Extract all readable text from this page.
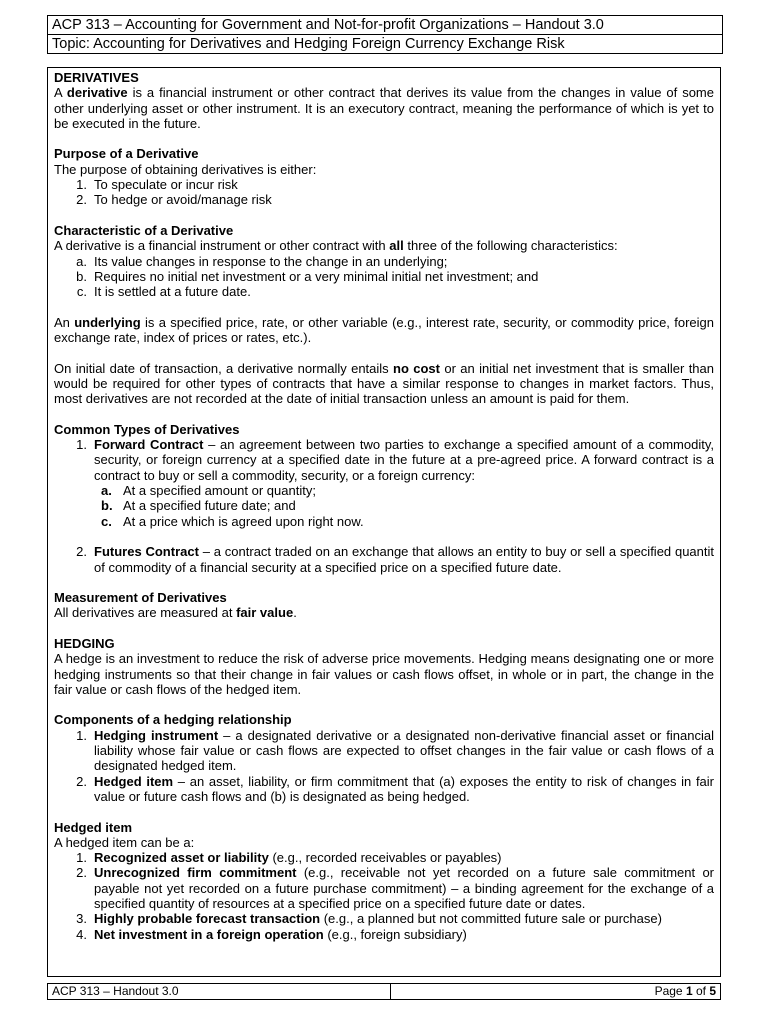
ACP 313 – Accounting for Government and Not-for-profit Organizations – Handout 3.0
Topic: Accounting for Derivatives and Hedging Foreign Currency Exchange Risk

DERIVATIVES

A derivative is a financial instrument or other contract that derives its value from the changes in value of some other underlying asset or other instrument. It is an executory contract, meaning the performance of which is yet to be executed in the future.

Purpose of a Derivative

The purpose of obtaining derivatives is either:

1. To speculate or incur risk
2. To hedge or avoid/manage risk

Characteristic of a Derivative

A derivative is a financial instrument or other contract with all three of the following characteristics:

a. Its value changes in response to the change in an underlying;
b. Requires no initial net investment or a very minimal initial net investment; and
c. It is settled at a future date.

An underlying is a specified price, rate, or other variable (e.g., interest rate, security, or commodity price, foreign exchange rate, index of prices or rates, etc.).

On initial date of transaction, a derivative normally entails no cost or an initial net investment that is smaller than would be required for other types of contracts that have a similar response to changes in market factors. Thus, most derivatives are not recorded at the date of initial transaction unless an amount is paid for them.

Common Types of Derivatives

1. Forward Contract – an agreement between two parties to exchange a specified amount of a commodity, security, or foreign currency at a specified date in the future at a pre-agreed price. A forward contract is a contract to buy or sell a commodity, security, or a foreign currency:

a. At a specified amount or quantity;
b. At a specified future date; and
c. At a price which is agreed upon right now.
2. Futures Contract – a contract traded on an exchange that allows an entity to buy or sell a specified quantit of commodity of a financial security at a specified price on a specified future date.

Measurement of Derivatives

All derivatives are measured at fair value.

HEDGING

A hedge is an investment to reduce the risk of adverse price movements. Hedging means designating one or more hedging instruments so that their change in fair values or cash flows offset, in whole or in part, the change in the fair value or cash flows of the hedged item.

Components of a hedging relationship

1. Hedging instrument – a designated derivative or a designated non-derivative financial asset or financial liability whose fair value or cash flows are expected to offset changes in the fair value or cash flows of a designated hedged item.

2. Hedged item – an asset, liability, or firm commitment that (a) exposes the entity to risk of changes in fair value or future cash flows and (b) is designated as being hedged.

Hedged item

A hedged item can be a:

1. Recognized asset or liability (e.g., recorded receivables or payables)

2. Unrecognized firm commitment (e.g., receivable not yet recorded on a future sale commitment or payable not yet recorded on a future purchase commitment) – a binding agreement for the exchange of a specified quantity of resources at a specified price on a specified future date or dates.

3. Highly probable forecast transaction (e.g., a planned but not committed future sale or purchase)

4. Net investment in a foreign operation (e.g., foreign subsidiary)

ACP 313 – Handout 3.0	Page 1 of 5
